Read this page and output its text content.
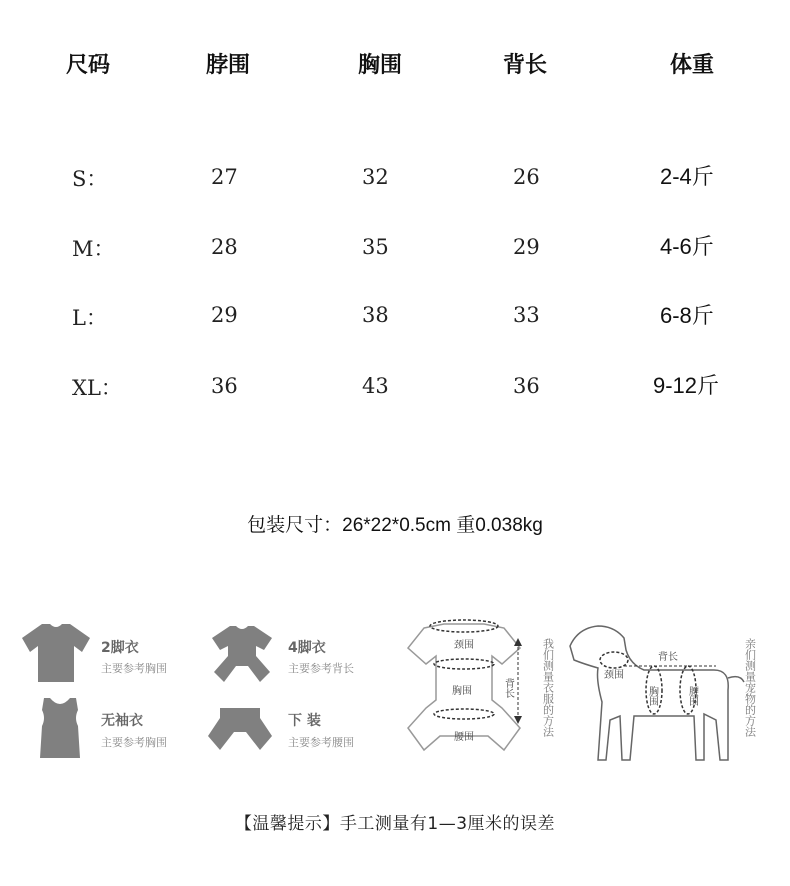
尺码	脖围	胸围	背长	体重
S：	27	32	26	2-4斤
M：	28	35	29	4-6斤
L：	29	38	33	6-8斤
XL：	36	43	36	9-12斤
包装尺寸：26*22*0.5cm 重0.038kg
2脚衣
主要参考胸围
4脚衣
主要参考背长
无袖衣
主要参考胸围
下 装
主要参考腰围
颈围
胸围
腰围
背长	我们测量衣服的方法	颈围
胸围	腰围
背长	亲们测量宠物的方法
【温馨提示】手工测量有1—3厘米的误差
